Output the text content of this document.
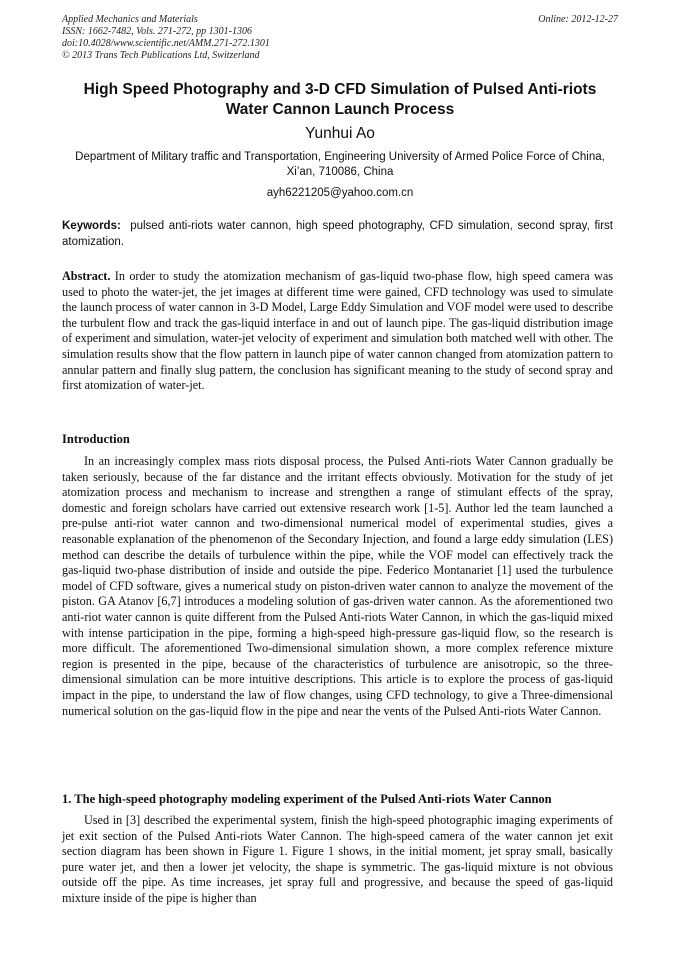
Applied Mechanics and Materials
ISSN: 1662-7482, Vols. 271-272, pp 1301-1306
doi:10.4028/www.scientific.net/AMM.271-272.1301
© 2013 Trans Tech Publications Ltd, Switzerland
Online: 2012-12-27
High Speed Photography and 3-D CFD Simulation of Pulsed Anti-riots Water Cannon Launch Process
Yunhui Ao
Department of Military traffic and Transportation, Engineering University of Armed Police Force of China, Xi’an, 710086, China
ayh6221205@yahoo.com.cn

Keywords: pulsed anti-riots water cannon, high speed photography, CFD simulation, second spray, first atomization.

Abstract. In order to study the atomization mechanism of gas-liquid two-phase flow, high speed camera was used to photo the water-jet, the jet images at different time were gained, CFD technology was used to simulate the launch process of water cannon in 3-D Model, Large Eddy Simulation and VOF model were used to describe the turbulent flow and track the gas-liquid interface in and out of launch pipe. The gas-liquid distribution image of experiment and simulation, water-jet velocity of experiment and simulation both matched well with other. The simulation results show that the flow pattern in launch pipe of water cannon changed from atomization pattern to annular pattern and finally slug pattern, the conclusion has significant meaning to the study of second spray and first atomization of water-jet.

Introduction

In an increasingly complex mass riots disposal process, the Pulsed Anti-riots Water Cannon gradually be taken seriously, because of the far distance and the irritant effects obviously. Motivation for the study of jet atomization process and mechanism to increase and strengthen a range of stimulant effects of the spray, domestic and foreign scholars have carried out extensive research work [1-5]. Author led the team launched a pre-pulse anti-riot water cannon and two-dimensional numerical model of experimental studies, gives a reasonable explanation of the phenomenon of the Secondary Injection, and found a large eddy simulation (LES) method can describe the details of turbulence within the pipe, while the VOF model can effectively track the gas-liquid two-phase distribution of inside and outside the pipe. Federico Montanariet [1] used the turbulence model of CFD software, gives a numerical study on piston-driven water cannon to analyze the movement of the piston. GA Atanov [6,7] introduces a modeling solution of gas-driven water cannon. As the aforementioned two anti-riot water cannon is quite different from the Pulsed Anti-riots Water Cannon, in which the gas-liquid mixed with intense participation in the pipe, forming a high-speed high-pressure gas-liquid flow, so the research is more difficult. The aforementioned Two-dimensional simulation shown, a more complex reference mixture region is presented in the pipe, because of the characteristics of turbulence are anisotropic, so the three-dimensional simulation can be more intuitive descriptions. This article is to explore the process of gas-liquid impact in the pipe, to understand the law of flow changes, using CFD technology, to give a Three-dimensional numerical solution on the gas-liquid flow in the pipe and near the vents of the Pulsed Anti-riots Water Cannon.

1. The high-speed photography modeling experiment of the Pulsed Anti-riots Water Cannon

Used in [3] described the experimental system, finish the high-speed photographic imaging experiments of jet exit section of the Pulsed Anti-riots Water Cannon. The high-speed camera of the water cannon jet exit section diagram has been shown in Figure 1. Figure 1 shows, in the initial moment, jet spray small, basically pure water jet, and then a lower jet velocity, the shape is symmetric. The gas-liquid mixture is not obvious outside off the pipe. As time increases, jet spray full and progressive, and because the speed of gas-liquid mixture inside of the pipe is higher than
